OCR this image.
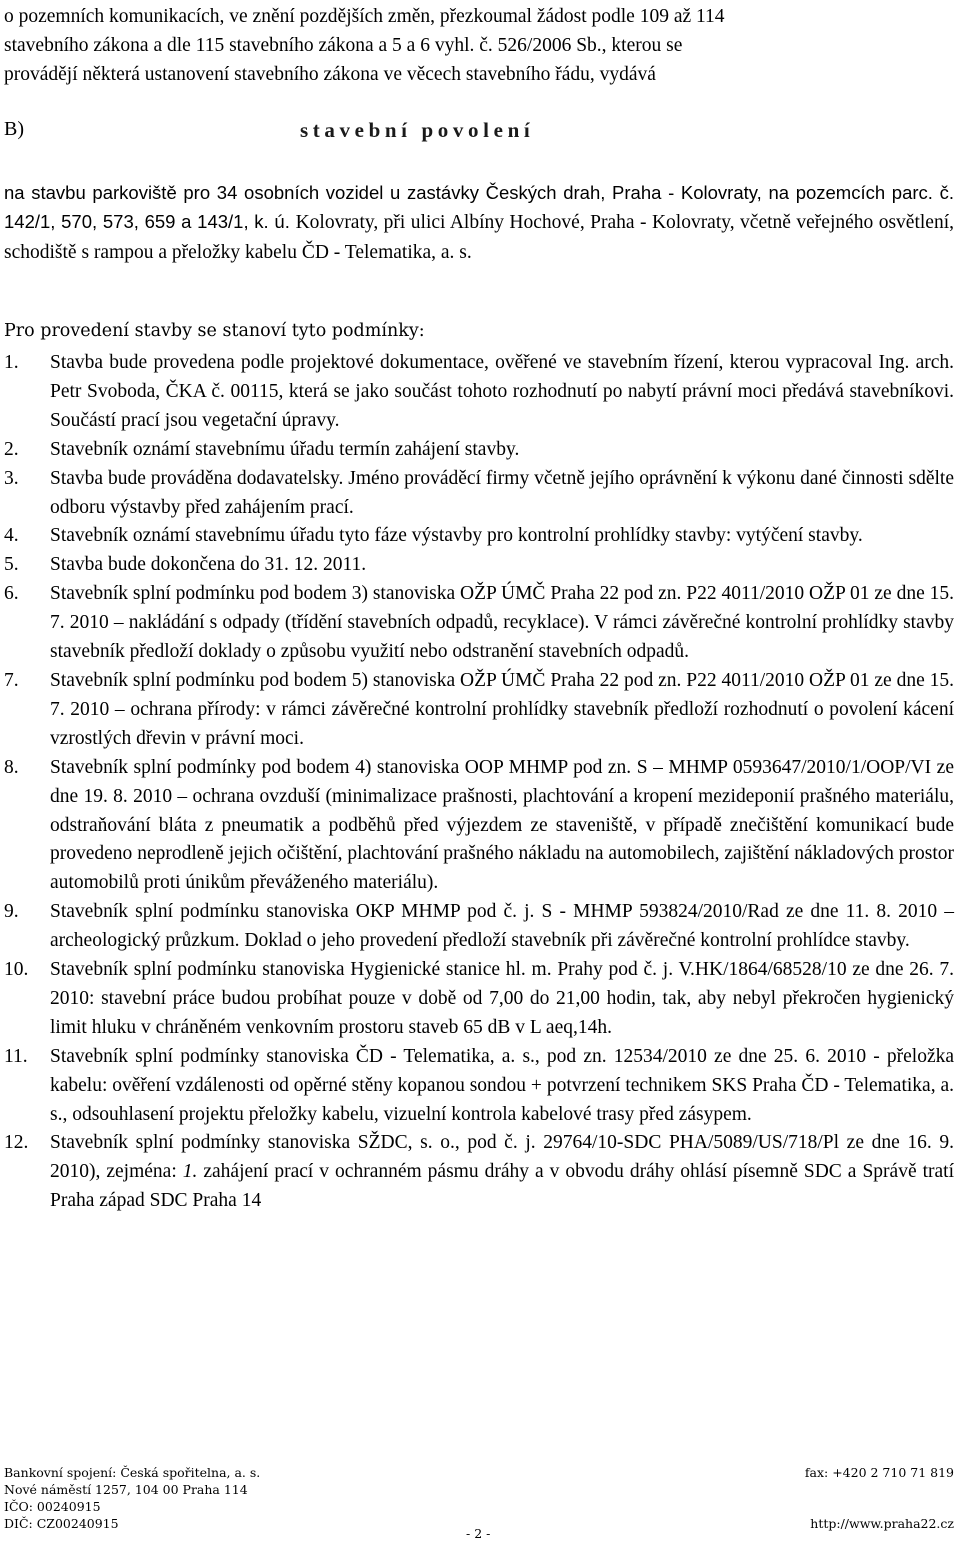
o pozemních komunikacích, ve znění pozdějších změn, přezkoumal žádost podle 109 až 114
stavebního zákona a dle 115 stavebního zákona a 5 a 6 vyhl. č. 526/2006 Sb., kterou se
provádějí některá ustanovení stavebního zákona ve věcech stavebního řádu, vydává

B)	stavební povolení

na stavbu parkoviště pro 34 osobních vozidel u zastávky Českých drah, Praha - Kolovraty, na pozemcích parc. č. 142/1, 570, 573, 659 a 143/1, k. ú. Kolovraty, při ulici Albíny Hochové, Praha - Kolovraty, včetně veřejného osvětlení, schodiště s rampou a přeložky kabelu ČD - Telematika, a. s.

Pro provedení stavby se stanoví tyto podmínky:

1. Stavba bude provedena podle projektové dokumentace, ověřené ve stavebním řízení, kterou vypracoval Ing. arch. Petr Svoboda, ČKA č. 00115, která se jako součást tohoto rozhodnutí po nabytí právní moci předává stavebníkovi. Součástí prací jsou vegetační úpravy.
2. Stavebník oznámí stavebnímu úřadu termín zahájení stavby.
3. Stavba bude prováděna dodavatelsky. Jméno prováděcí firmy včetně jejího oprávnění k výkonu dané činnosti sdělte odboru výstavby před zahájením prací.
4. Stavebník oznámí stavebnímu úřadu tyto fáze výstavby pro kontrolní prohlídky stavby: vytýčení stavby.
5. Stavba bude dokončena do 31. 12. 2011.
6. Stavebník splní podmínku pod bodem 3) stanoviska OŽP ÚMČ Praha 22 pod zn. P22 4011/2010 OŽP 01 ze dne 15. 7. 2010 – nakládání s odpady (třídění stavebních odpadů, recyklace). V rámci závěrečné kontrolní prohlídky stavby stavebník předloží doklady o způsobu využití nebo odstranění stavebních odpadů.
7. Stavebník splní podmínku pod bodem 5) stanoviska OŽP ÚMČ Praha 22 pod zn. P22 4011/2010 OŽP 01 ze dne 15. 7. 2010 – ochrana přírody: v rámci závěrečné kontrolní prohlídky stavebník předloží rozhodnutí o povolení kácení vzrostlých dřevin v právní moci.
8. Stavebník splní podmínky pod bodem 4) stanoviska OOP MHMP pod zn. S – MHMP 0593647/2010/1/OOP/VI ze dne 19. 8. 2010 – ochrana ovzduší (minimalizace prašnosti, plachtování a kropení mezideponií prašného materiálu, odstraňování bláta z pneumatik a podběhů před výjezdem ze staveniště, v případě znečištění komunikací bude provedeno neprodleně jejich očištění, plachtování prašného nákladu na automobilech, zajištění nákladových prostor automobilů proti únikům převáženého materiálu).
9. Stavebník splní podmínku stanoviska OKP MHMP pod č. j. S - MHMP 593824/2010/Rad ze dne 11. 8. 2010 – archeologický průzkum. Doklad o jeho provedení předloží stavebník při závěrečné kontrolní prohlídce stavby.
10. Stavebník splní podmínku stanoviska Hygienické stanice hl. m. Prahy pod č. j. V.HK/1864/68528/10 ze dne 26. 7. 2010: stavební práce budou probíhat pouze v době od 7,00 do 21,00 hodin, tak, aby nebyl překročen hygienický limit hluku v chráněném venkovním prostoru staveb 65 dB v L aeq,14h.
11. Stavebník splní podmínky stanoviska ČD - Telematika, a. s., pod zn. 12534/2010 ze dne 25. 6. 2010 - přeložka kabelu: ověření vzdálenosti od opěrné stěny kopanou sondou + potvrzení technikem SKS Praha ČD - Telematika, a. s., odsouhlasení projektu přeložky kabelu, vizuelní kontrola kabelové trasy před zásypem.
12. Stavebník splní podmínky stanoviska SŽDC, s. o., pod č. j. 29764/10-SDC PHA/5089/US/718/Pl ze dne 16. 9. 2010), zejména: 1. zahájení prací v ochranném pásmu dráhy a v obvodu dráhy ohlásí písemně SDC a Správě tratí Praha západ SDC Praha 14
Bankovní spojení: Česká spořitelna, a. s.
Nové náměstí 1257, 104 00 Praha 114
IČO: 00240915
DIČ: CZ00240915
- 2 -
fax: +420 2 710 71 819
http://www.praha22.cz
